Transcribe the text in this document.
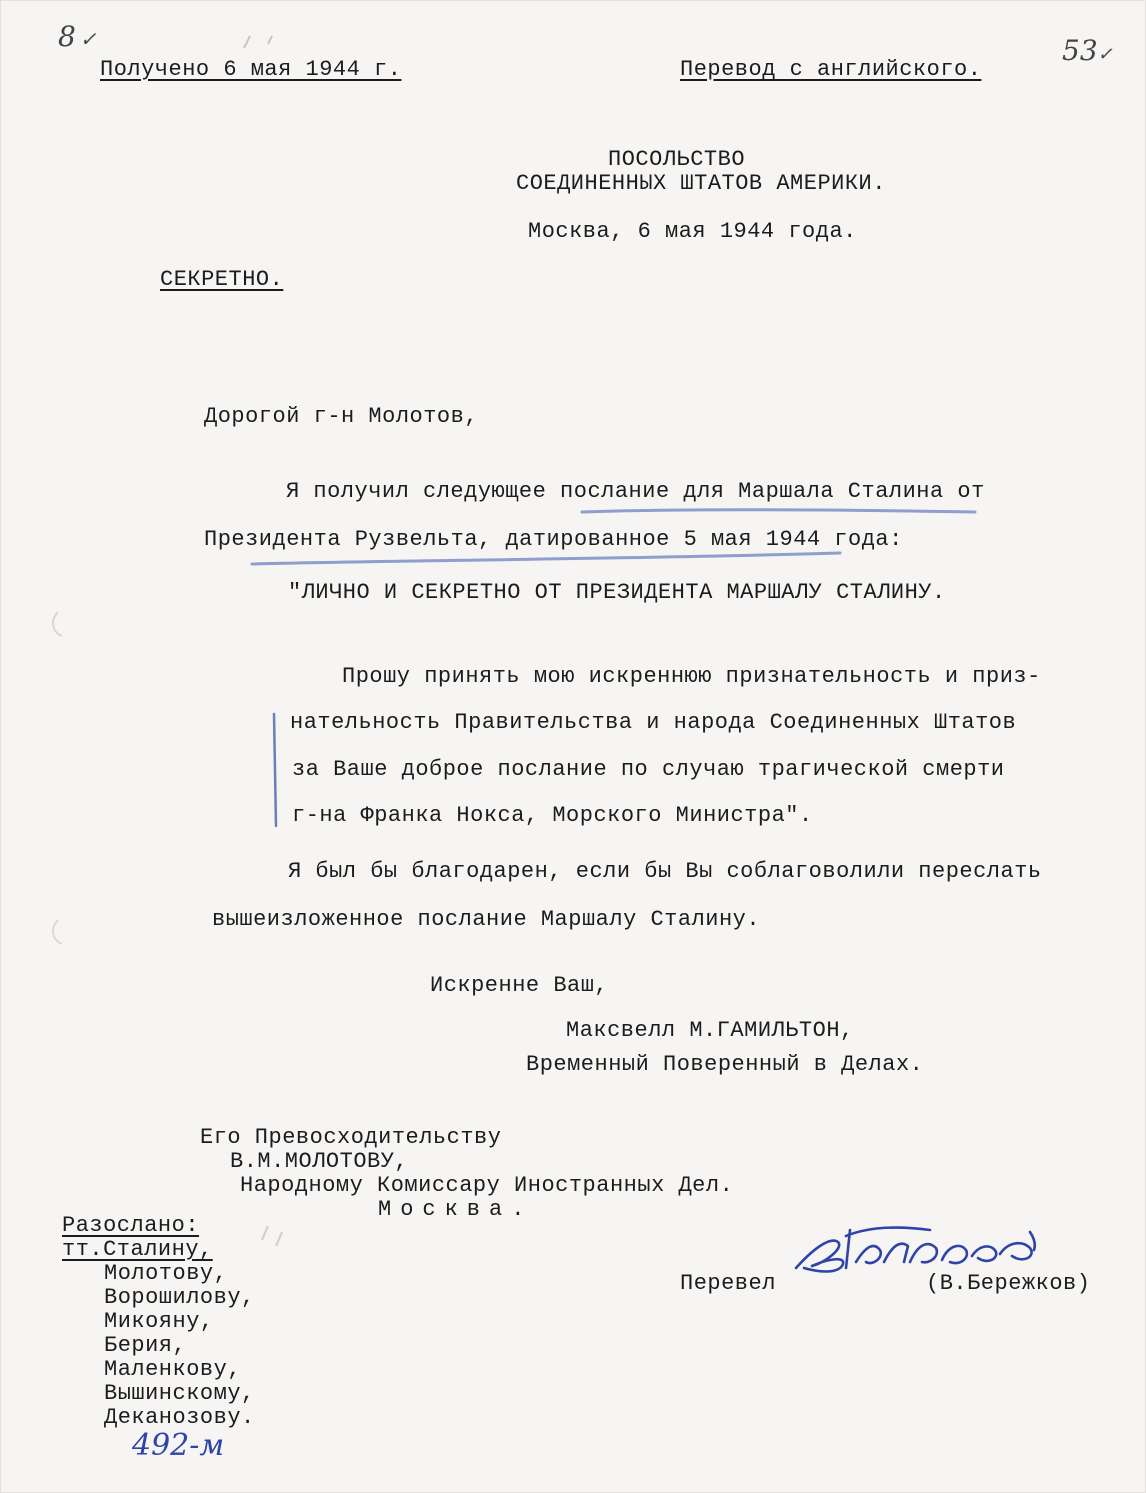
8 ✓	53✓
Получено 6 мая 1944 г.	Перевод с английского.
ПОСОЛЬСТВО
СОЕДИНЕННЫХ ШТАТОВ АМЕРИКИ.
Москва, 6 мая 1944 года.
СЕКРЕТНО.
Дорогой г-н Молотов,
Я получил следующее послание для Маршала Сталина от
Президента Рузвельта, датированное 5 мая 1944 года:
"ЛИЧНО И СЕКРЕТНО ОТ ПРЕЗИДЕНТА МАРШАЛУ СТАЛИНУ.
Прошу принять мою искреннюю признательность и приз-
нательность Правительства и народа Соединенных Штатов
за Ваше доброе послание по случаю трагической смерти
г-на Франка Нокса, Морского Министра".
Я был бы благодарен, если бы Вы соблаговолили переслать
вышеизложенное послание Маршалу Сталину.
Искренне Ваш,
Максвелл М.ГАМИЛЬТОН,
Временный Поверенный в Делах.
Его Превосходительству
В.М.МОЛОТОВУ,
Народному Комиссару Иностранных Дел.
Москва.
Разослано:
тт.Сталину,
Молотову,
Ворошилову,
Микояну,
Берия,
Маленкову,
Вышинскому,
Деканозову.
492-м
Перевел	(В.Бережков)
